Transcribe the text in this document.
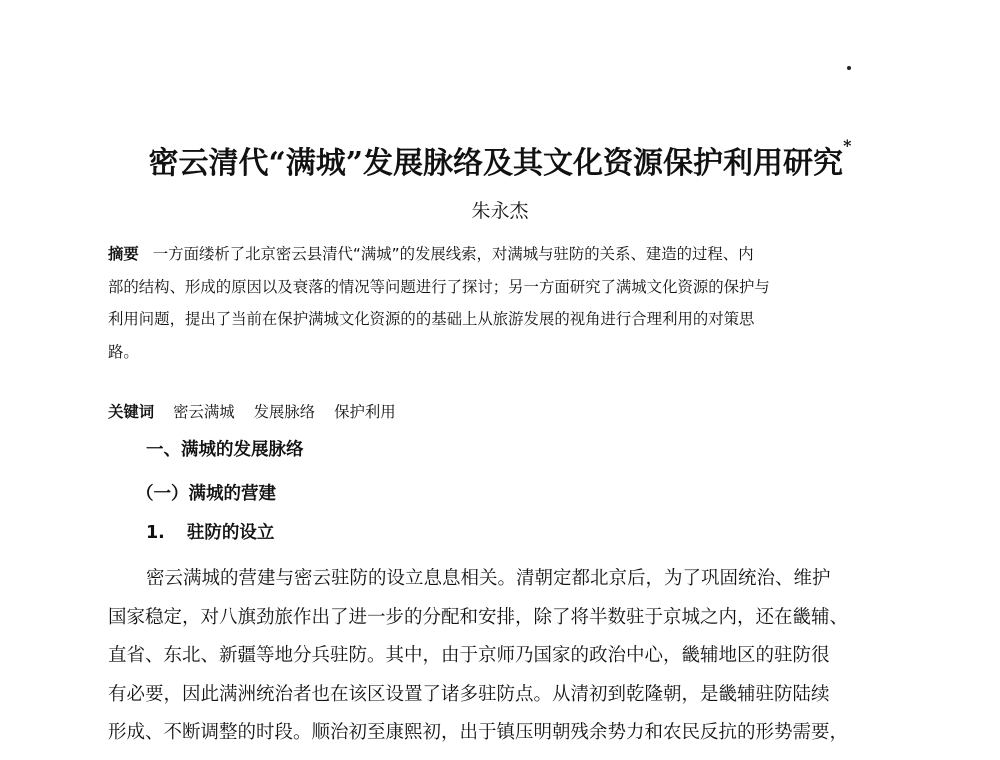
密云清代“满城”发展脉络及其文化资源保护利用研究*
朱永杰
摘要 一方面缕析了北京密云县清代“满城”的发展线索，对满城与驻防的关系、建造的过程、内
部的结构、形成的原因以及衰落的情况等问题进行了探讨；另一方面研究了满城文化资源的保护与
利用问题，提出了当前在保护满城文化资源的的基础上从旅游发展的视角进行合理利用的对策思
路。
关键词 密云满城 发展脉络 保护利用
一、满城的发展脉络
（一）满城的营建
1. 驻防的设立
密云满城的营建与密云驻防的设立息息相关。清朝定都北京后，为了巩固统治、维护
国家稳定，对八旗劲旅作出了进一步的分配和安排，除了将半数驻于京城之内，还在畿辅、
直省、东北、新疆等地分兵驻防。其中，由于京师乃国家的政治中心，畿辅地区的驻防很
有必要，因此满洲统治者也在该区设置了诸多驻防点。从清初到乾隆朝，是畿辅驻防陆续
形成、不断调整的时段。顺治初至康熙初，出于镇压明朝残余势力和农民反抗的形势需要，
